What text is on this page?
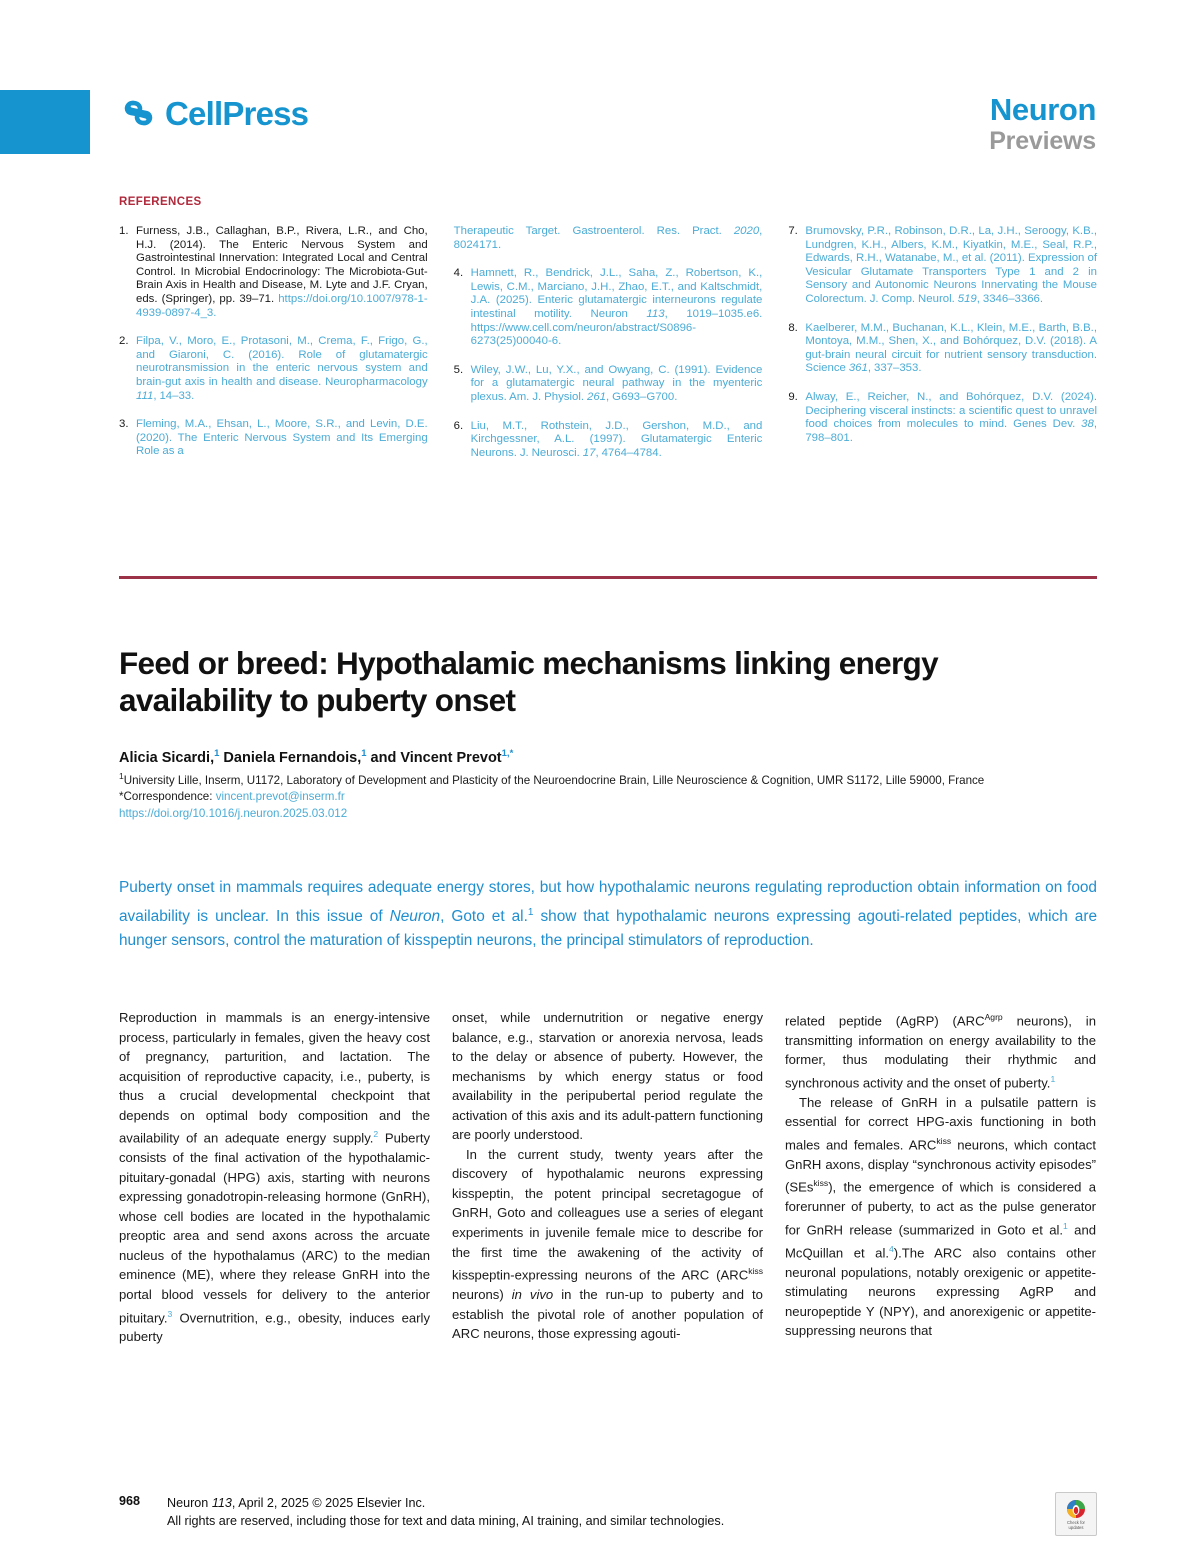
CellPress	Neuron
Previews
REFERENCES
1. Furness, J.B., Callaghan, B.P., Rivera, L.R., and Cho, H.J. (2014). The Enteric Nervous System and Gastrointestinal Innervation: Integrated Local and Central Control. In Microbial Endocrinology: The Microbiota-Gut-Brain Axis in Health and Disease, M. Lyte and J.F. Cryan, eds. (Springer), pp. 39–71. https://doi.org/10.1007/978-1-4939-0897-4_3.
2. Filpa, V., Moro, E., Protasoni, M., Crema, F., Frigo, G., and Giaroni, C. (2016). Role of glutamatergic neurotransmission in the enteric nervous system and brain-gut axis in health and disease. Neuropharmacology 111, 14–33.
3. Fleming, M.A., Ehsan, L., Moore, S.R., and Levin, D.E. (2020). The Enteric Nervous System and Its Emerging Role as a
Therapeutic Target. Gastroenterol. Res. Pract. 2020, 8024171.
4. Hamnett, R., Bendrick, J.L., Saha, Z., Robertson, K., Lewis, C.M., Marciano, J.H., Zhao, E.T., and Kaltschmidt, J.A. (2025). Enteric glutamatergic interneurons regulate intestinal motility. Neuron 113, 1019–1035.e6. https://www.cell.com/neuron/abstract/S0896-6273(25)00040-6.
5. Wiley, J.W., Lu, Y.X., and Owyang, C. (1991). Evidence for a glutamatergic neural pathway in the myenteric plexus. Am. J. Physiol. 261, G693–G700.
6. Liu, M.T., Rothstein, J.D., Gershon, M.D., and Kirchgessner, A.L. (1997). Glutamatergic Enteric Neurons. J. Neurosci. 17, 4764–4784.
7. Brumovsky, P.R., Robinson, D.R., La, J.H., Seroogy, K.B., Lundgren, K.H., Albers, K.M., Kiyatkin, M.E., Seal, R.P., Edwards, R.H., Watanabe, M., et al. (2011). Expression of Vesicular Glutamate Transporters Type 1 and 2 in Sensory and Autonomic Neurons Innervating the Mouse Colorectum. J. Comp. Neurol. 519, 3346–3366.
8. Kaelberer, M.M., Buchanan, K.L., Klein, M.E., Barth, B.B., Montoya, M.M., Shen, X., and Bohórquez, D.V. (2018). A gut-brain neural circuit for nutrient sensory transduction. Science 361, 337–353.
9. Alway, E., Reicher, N., and Bohórquez, D.V. (2024). Deciphering visceral instincts: a scientific quest to unravel food choices from molecules to mind. Genes Dev. 38, 798–801.
Feed or breed: Hypothalamic mechanisms linking energy availability to puberty onset
Alicia Sicardi,$^1$ Daniela Fernandois,$^1$ and Vincent Prevot$^{1,*}$
$^1$University Lille, Inserm, U1172, Laboratory of Development and Plasticity of the Neuroendocrine Brain, Lille Neuroscience & Cognition, UMR S1172, Lille 59000, France
*Correspondence: vincent.prevot@inserm.fr
https://doi.org/10.1016/j.neuron.2025.03.012
Puberty onset in mammals requires adequate energy stores, but how hypothalamic neurons regulating reproduction obtain information on food availability is unclear. In this issue of Neuron, Goto et al.$^1$ show that hypothalamic neurons expressing agouti-related peptides, which are hunger sensors, control the maturation of kisspeptin neurons, the principal stimulators of reproduction.

Reproduction in mammals is an energy-intensive process, particularly in females, given the heavy cost of pregnancy, parturition, and lactation. The acquisition of reproductive capacity, i.e., puberty, is thus a crucial developmental checkpoint that depends on optimal body composition and the availability of an adequate energy supply.$^2$ Puberty consists of the final activation of the hypothalamic-pituitary-gonadal (HPG) axis, starting with neurons expressing gonadotropin-releasing hormone (GnRH), whose cell bodies are located in the hypothalamic preoptic area and send axons across the arcuate nucleus of the hypothalamus (ARC) to the median eminence (ME), where they release GnRH into the portal blood vessels for delivery to the anterior pituitary.$^3$ Overnutrition, e.g., obesity, induces early puberty

onset, while undernutrition or negative energy balance, e.g., starvation or anorexia nervosa, leads to the delay or absence of puberty. However, the mechanisms by which energy status or food availability in the peripubertal period regulate the activation of this axis and its adult-pattern functioning are poorly understood.

In the current study, twenty years after the discovery of hypothalamic neurons expressing kisspeptin, the potent principal secretagogue of GnRH, Goto and colleagues use a series of elegant experiments in juvenile female mice to describe for the first time the awakening of the activity of kisspeptin-expressing neurons of the ARC ($ARC^{kiss}$ neurons) in vivo in the run-up to puberty and to establish the pivotal role of another population of ARC neurons, those expressing agouti-

related peptide (AgRP) ($ARC^{Agrp}$ neurons), in transmitting information on energy availability to the former, thus modulating their rhythmic and synchronous activity and the onset of puberty.$^1$

The release of GnRH in a pulsatile pattern is essential for correct HPG-axis functioning in both males and females. $ARC^{kiss}$ neurons, which contact GnRH axons, display “synchronous activity episodes” (SEs$^{kiss}$), the emergence of which is considered a forerunner of puberty, to act as the pulse generator for GnRH release (summarized in Goto et al.$^1$ and McQuillan et al.$^4$).The ARC also contains other neuronal populations, notably orexigenic or appetite-stimulating neurons expressing AgRP and neuropeptide Y (NPY), and anorexigenic or appetite-suppressing neurons that

968	Neuron 113, April 2, 2025 © 2025 Elsevier Inc.
All rights are reserved, including those for text and data mining, AI training, and similar technologies.	Check for
updates
